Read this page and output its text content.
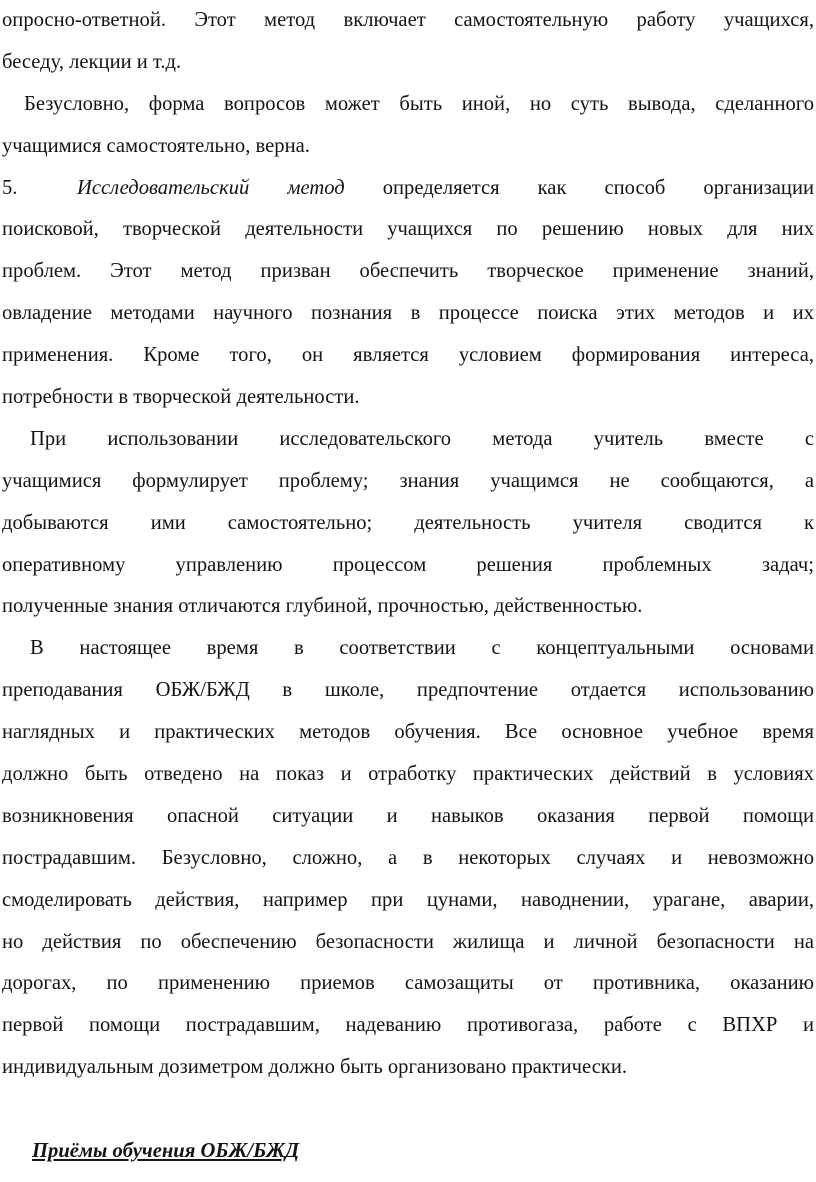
опросно-ответной. Этот метод включает самостоятельную работу учащихся,
беседу, лекции и т.д.
Безусловно, форма вопросов может быть иной, но суть вывода, сделанного
учащимися самостоятельно, верна.
5.	Исследовательский метод определяется как способ организации
поисковой, творческой деятельности учащихся по решению новых для них
проблем. Этот метод призван обеспечить творческое применение знаний,
овладение методами научного познания в процессе поиска этих методов и их
применения. Кроме того, он является условием формирования интереса,
потребности в творческой деятельности.
При использовании исследовательского метода учитель вместе с
учащимися формулирует проблему; знания учащимся не сообщаются, а
добываются ими самостоятельно; деятельность учителя сводится к
оперативному управлению процессом решения проблемных задач;
полученные знания отличаются глубиной, прочностью, действенностью.
В настоящее время в соответствии с концептуальными основами
преподавания ОБЖ/БЖД в школе, предпочтение отдается использованию
наглядных и практических методов обучения. Все основное учебное время
должно быть отведено на показ и отработку практических действий в условиях
возникновения опасной ситуации и навыков оказания первой помощи
пострадавшим. Безусловно, сложно, а в некоторых случаях и невозможно
смоделировать действия, например при цунами, наводнении, урагане, аварии,
но действия по обеспечению безопасности жилища и личной безопасности на
дорогах, по применению приемов самозащиты от противника, оказанию
первой помощи пострадавшим, надеванию противогаза, работе с ВПХР и
индивидуальным дозиметром должно быть организовано практически.
Приёмы обучения ОБЖ/БЖД
